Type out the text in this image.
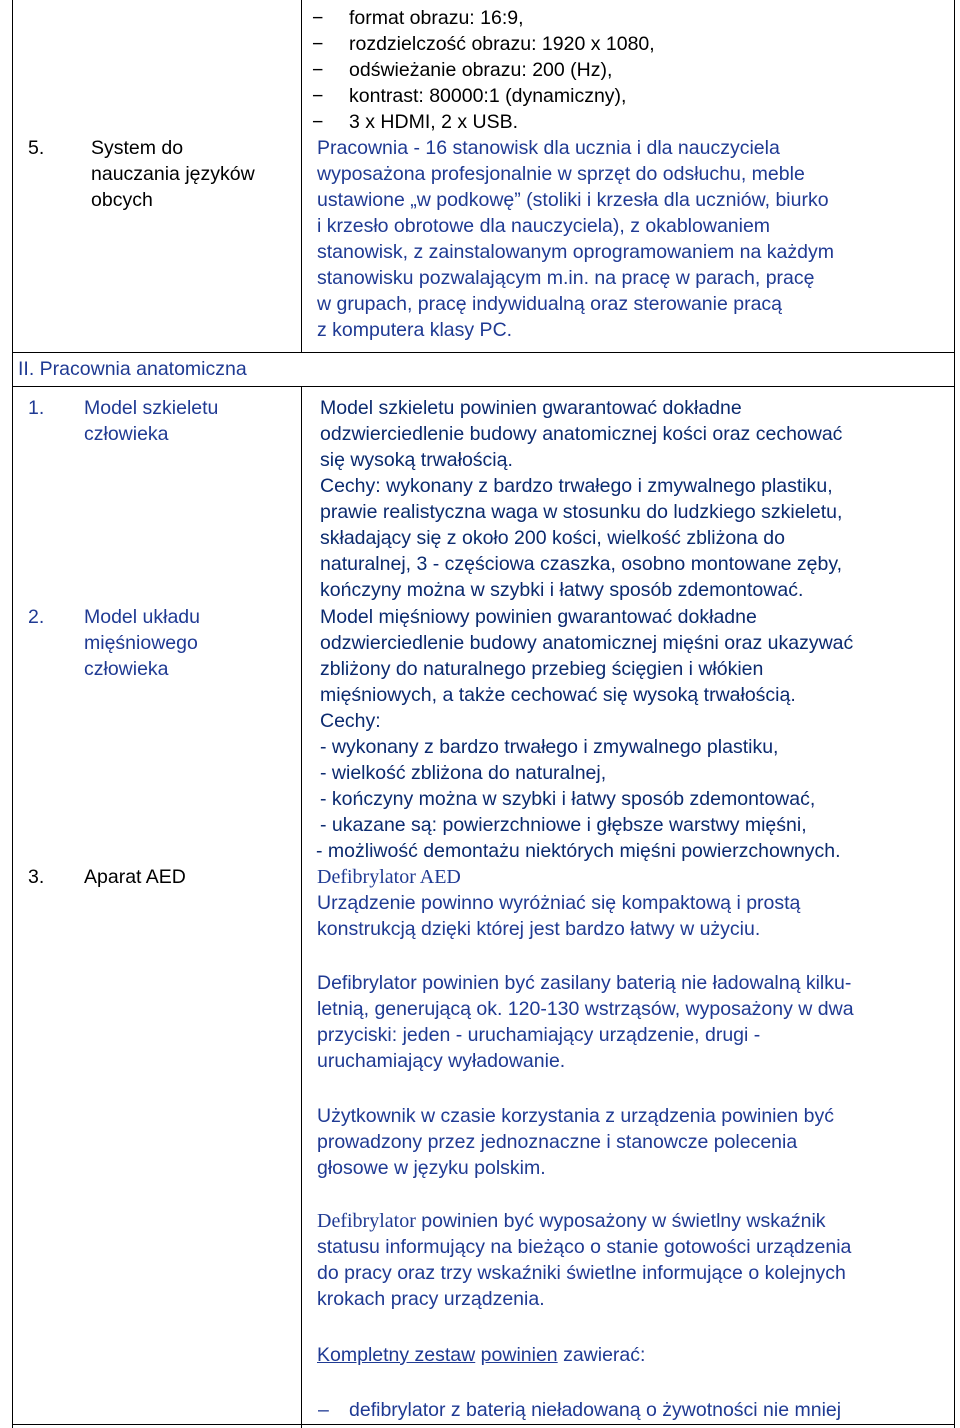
5. System do
nauczania języków
obcych
− format obrazu: 16:9,
− rozdzielczość obrazu: 1920 x 1080,
− odświeżanie obrazu: 200 (Hz),
− kontrast: 80000:1 (dynamiczny),
− 3 x HDMI, 2 x USB.
Pracownia - 16 stanowisk dla ucznia i dla nauczyciela
wyposażona profesjonalnie w sprzęt do odsłuchu, meble
ustawione „w podkowę” (stoliki i krzesła dla uczniów, biurko
i krzesło obrotowe dla nauczyciela), z okablowaniem
stanowisk, z zainstalowanym oprogramowaniem na każdym
stanowisku pozwalającym m.in. na pracę w parach, pracę
w grupach, pracę indywidualną oraz sterowanie pracą
z komputera klasy PC.
II. Pracownia anatomiczna
1. Model szkieletu
człowieka
Model szkieletu powinien gwarantować dokładne
odzwierciedlenie budowy anatomicznej kości oraz cechować
się wysoką trwałością.
Cechy: wykonany z bardzo trwałego i zmywalnego plastiku,
prawie realistyczna waga w stosunku do ludzkiego szkieletu,
składający się z około 200 kości, wielkość zbliżona do
naturalnej, 3 - częściowa czaszka, osobno montowane zęby,
kończyny można w szybki i łatwy sposób zdemontować.
2. Model układu
mięśniowego
człowieka
Model mięśniowy powinien gwarantować dokładne
odzwierciedlenie budowy anatomicznej mięśni oraz ukazywać
zbliżony do naturalnego przebieg ścięgien i włókien
mięśniowych, a także cechować się wysoką trwałością.
Cechy:
- wykonany z bardzo trwałego i zmywalnego plastiku,
- wielkość zbliżona do naturalnej,
- kończyny można w szybki i łatwy sposób zdemontować,
- ukazane są: powierzchniowe i głębsze warstwy mięśni,
- możliwość demontażu niektórych mięśni powierzchownych.
3. Aparat AED	Defibrylator AED
Urządzenie powinno wyróżniać się kompaktową i prostą
konstrukcją dzięki której jest bardzo łatwy w użyciu.
Defibrylator powinien być zasilany baterią nie ładowalną kilku-
letnią, generującą ok. 120-130 wstrząsów, wyposażony w dwa
przyciski: jeden - uruchamiający urządzenie, drugi -
uruchamiający wyładowanie.
Użytkownik w czasie korzystania z urządzenia powinien być
prowadzony przez jednoznaczne i stanowcze polecenia
głosowe w języku polskim.
Defibrylator powinien być wyposażony w świetlny wskaźnik
statusu informujący na bieżąco o stanie gotowości urządzenia
do pracy oraz trzy wskaźniki świetlne informujące o kolejnych
krokach pracy urządzenia.
Kompletny zestaw powinien zawierać:
– defibrylator z baterią nieładowaną o żywotności nie mniej
